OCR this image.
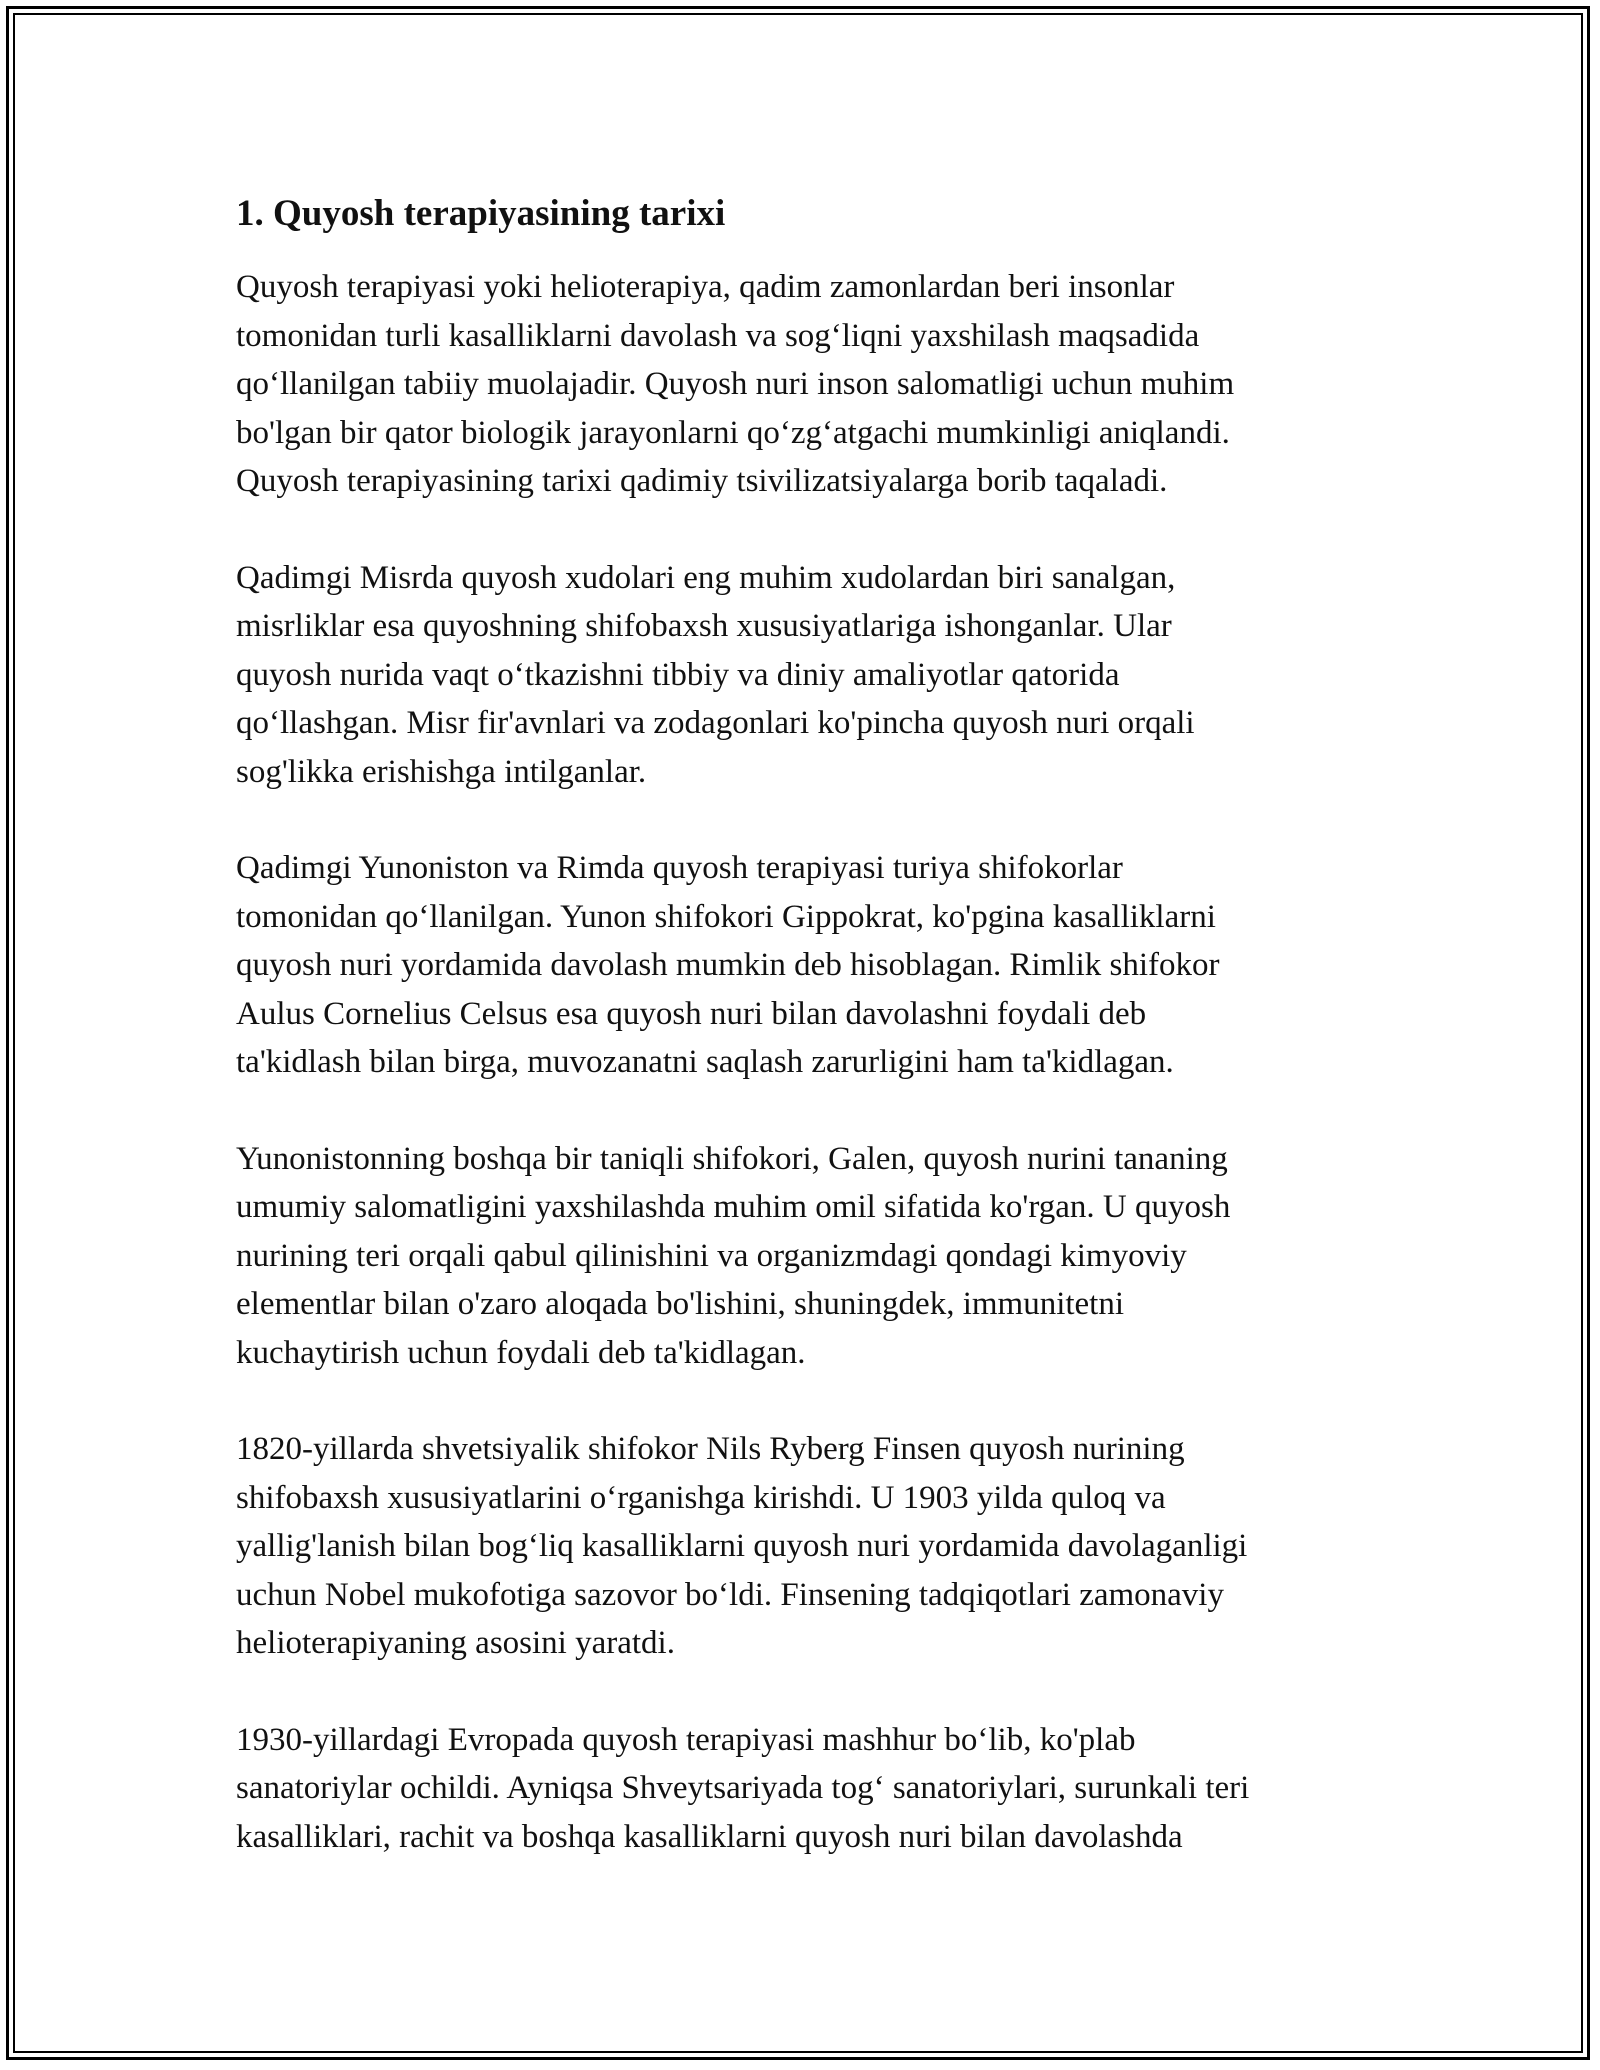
1. Quyosh terapiyasining tarixi

Quyosh terapiyasi yoki helioterapiya, qadim zamonlardan beri insonlar
tomonidan turli kasalliklarni davolash va sog‘liqni yaxshilash maqsadida
qo‘llanilgan tabiiy muolajadir. Quyosh nuri inson salomatligi uchun muhim
bo'lgan bir qator biologik jarayonlarni qo‘zg‘atgachi mumkinligi aniqlandi.
Quyosh terapiyasining tarixi qadimiy tsivilizatsiyalarga borib taqaladi.

Qadimgi Misrda quyosh xudolari eng muhim xudolardan biri sanalgan,
misrliklar esa quyoshning shifobaxsh xususiyatlariga ishonganlar. Ular
quyosh nurida vaqt o‘tkazishni tibbiy va diniy amaliyotlar qatorida
qo‘llashgan. Misr fir'avnlari va zodagonlari ko'pincha quyosh nuri orqali
sog'likka erishishga intilganlar.

Qadimgi Yunoniston va Rimda quyosh terapiyasi turiya shifokorlar
tomonidan qo‘llanilgan. Yunon shifokori Gippokrat, ko'pgina kasalliklarni
quyosh nuri yordamida davolash mumkin deb hisoblagan. Rimlik shifokor
Aulus Cornelius Celsus esa quyosh nuri bilan davolashni foydali deb
ta'kidlash bilan birga, muvozanatni saqlash zarurligini ham ta'kidlagan.

Yunonistonning boshqa bir taniqli shifokori, Galen, quyosh nurini tananing
umumiy salomatligini yaxshilashda muhim omil sifatida ko'rgan. U quyosh
nurining teri orqali qabul qilinishini va organizmdagi qondagi kimyoviy
elementlar bilan o'zaro aloqada bo'lishini, shuningdek, immunitetni
kuchaytirish uchun foydali deb ta'kidlagan.

1820-yillarda shvetsiyalik shifokor Nils Ryberg Finsen quyosh nurining
shifobaxsh xususiyatlarini o‘rganishga kirishdi. U 1903 yilda quloq va
yallig'lanish bilan bog‘liq kasalliklarni quyosh nuri yordamida davolaganligi
uchun Nobel mukofotiga sazovor bo‘ldi. Finsening tadqiqotlari zamonaviy
helioterapiyaning asosini yaratdi.

1930-yillardagi Evropada quyosh terapiyasi mashhur bo‘lib, ko'plab
sanatoriylar ochildi. Ayniqsa Shveytsariyada tog‘ sanatoriylari, surunkali teri
kasalliklari, rachit va boshqa kasalliklarni quyosh nuri bilan davolashda
